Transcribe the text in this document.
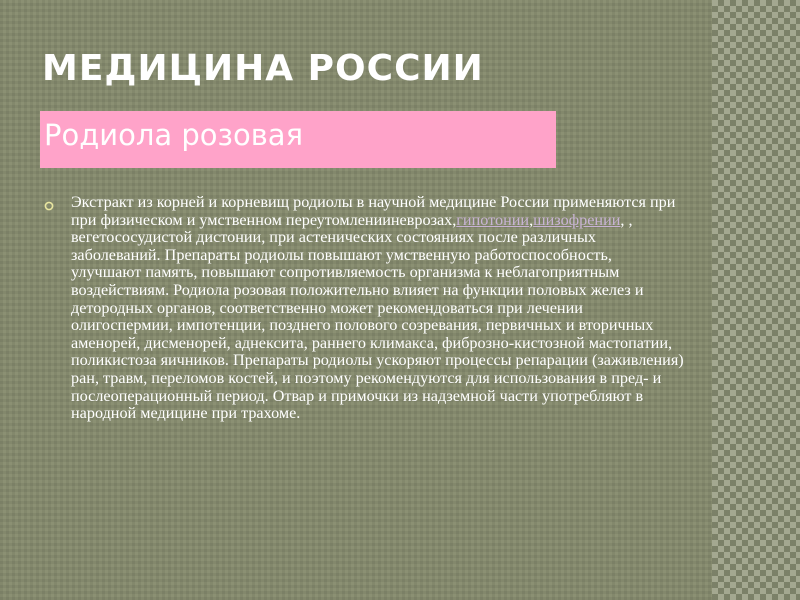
МЕДИЦИНА РОССИИ
Родиола розовая

Экстракт из корней и корневищ родиолы в научной медицине России применяются при при физическом и умственном переутомленииневрозах,гипотонии,шизофрении, , вегетососудистой дистонии, при астенических состояниях после различных заболеваний. Препараты родиолы повышают умственную работоспособность, улучшают память, повышают сопротивляемость организма к неблагоприятным воздействиям. Родиола розовая положительно влияет на функции половых желез и детородных органов, соответственно может рекомендоваться при лечении олигоспермии, импотенции, позднего полового созревания, первичных и вторичных аменорей, дисменорей, аднексита, раннего климакса, фиброзно-кистозной мастопатии, поликистоза яичников. Препараты родиолы ускоряют процессы репарации (заживления) ран, травм, переломов костей, и поэтому рекомендуются для использования в пред- и послеоперационный период. Отвар и примочки из надземной части употребляют в народной медицине при трахоме.
